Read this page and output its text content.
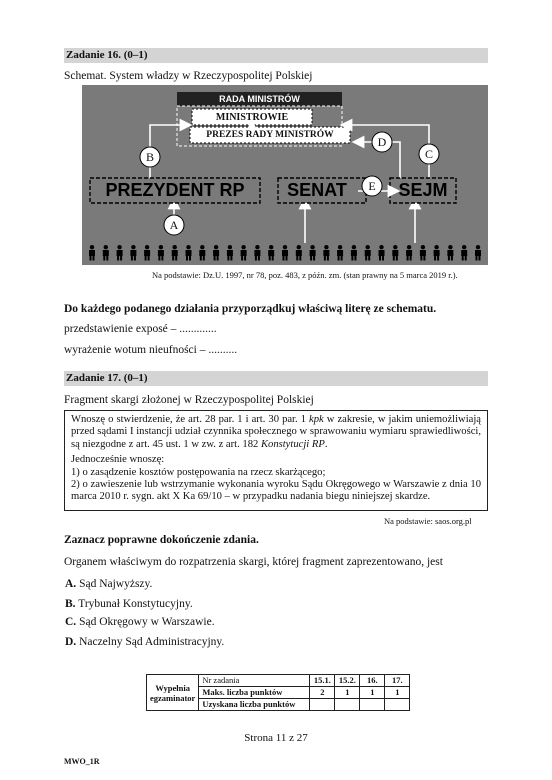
Zadanie 16. (0–1)
Schemat. System władzy w Rzeczypospolitej Polskiej
RADA MINISTRÓW
MINISTROWIE
PREZES RADY MINISTRÓW
PREZYDENT RP	SENAT	SEJM
B
D
C
E
A
Na podstawie: Dz.U. 1997, nr 78, poz. 483, z późn. zm. (stan prawny na 5 marca 2019 r.).
Do każdego podanego działania przyporządkuj właściwą literę ze schematu.
przedstawienie exposé – .............
wyrażenie wotum nieufności – ..........
Zadanie 17. (0–1)
Fragment skargi złożonej w Rzeczypospolitej Polskiej

Wnoszę o stwierdzenie, że art. 28 par. 1 i art. 30 par. 1 kpk w zakresie, w jakim uniemożliwiają przed sądami I instancji udział czynnika społecznego w sprawowaniu wymiaru sprawiedliwości, są niezgodne z art. 45 ust. 1 w zw. z art. 182 Konstytucji RP.

Jednocześnie wnoszę:

1) o zasądzenie kosztów postępowania na rzecz skarżącego;

2) o zawieszenie lub wstrzymanie wykonania wyroku Sądu Okręgowego w Warszawie z dnia 10 marca 2010 r. sygn. akt X Ka 69/10 – w przypadku nadania biegu niniejszej skardze.

Na podstawie: saos.org.pl
Zaznacz poprawne dokończenie zdania.
Organem właściwym do rozpatrzenia skargi, której fragment zaprezentowano, jest
A. Sąd Najwyższy.
B. Trybunał Konstytucyjny.
C. Sąd Okręgowy w Warszawie.
D. Naczelny Sąd Administracyjny.
Wypełnia
egzaminator	Nr zadania	15.1.	15.2.	16.	17.
	Maks. liczba punktów	2	1	1	1
	Uzyskana liczba punktów				
Strona 11 z 27
MWO_1R
